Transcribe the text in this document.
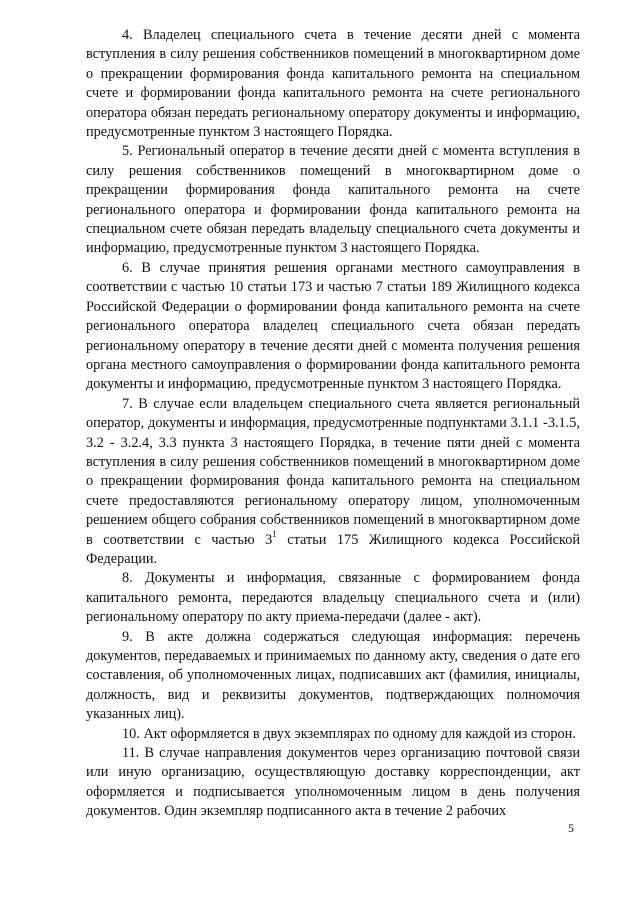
4. Владелец специального счета в течение десяти дней с момента вступления в силу решения собственников помещений в многоквартирном доме о прекращении формирования фонда капитального ремонта на специальном счете и формировании фонда капитального ремонта на счете регионального оператора обязан передать региональному оператору документы и информацию, предусмотренные пунктом 3 настоящего Порядка.

5. Региональный оператор в течение десяти дней с момента вступления в силу решения собственников помещений в многоквартирном доме о прекращении формирования фонда капитального ремонта на счете регионального оператора и формировании фонда капитального ремонта на специальном счете обязан передать владельцу специального счета документы и информацию, предусмотренные пунктом 3 настоящего Порядка.

6. В случае принятия решения органами местного самоуправления в соответствии с частью 10 статьи 173 и частью 7 статьи 189 Жилищного кодекса Российской Федерации о формировании фонда капитального ремонта на счете регионального оператора владелец специального счета обязан передать региональному оператору в течение десяти дней с момента получения решения органа местного самоуправления о формировании фонда капитального ремонта документы и информацию, предусмотренные пунктом 3 настоящего Порядка.

7. В случае если владельцем специального счета является региональный оператор, документы и информация, предусмотренные подпунктами 3.1.1 -3.1.5, 3.2 - 3.2.4, 3.3 пункта 3 настоящего Порядка, в течение пяти дней с момента вступления в силу решения собственников помещений в многоквартирном доме о прекращении формирования фонда капитального ремонта на специальном счете предоставляются региональному оператору лицом, уполномоченным решением общего собрания собственников помещений в многоквартирном доме в соответствии с частью $3^1$ статьи 175 Жилищного кодекса Российской Федерации.

8. Документы и информация, связанные с формированием фонда капитального ремонта, передаются владельцу специального счета и (или) региональному оператору по акту приема-передачи (далее - акт).

9. В акте должна содержаться следующая информация: перечень документов, передаваемых и принимаемых по данному акту, сведения о дате его составления, об уполномоченных лицах, подписавших акт (фамилия, инициалы, должность, вид и реквизиты документов, подтверждающих полномочия указанных лиц).

10. Акт оформляется в двух экземплярах по одному для каждой из сторон.

11. В случае направления документов через организацию почтовой связи или иную организацию, осуществляющую доставку корреспонденции, акт оформляется и подписывается уполномоченным лицом в день получения документов. Один экземпляр подписанного акта в течение 2 рабочих

5
